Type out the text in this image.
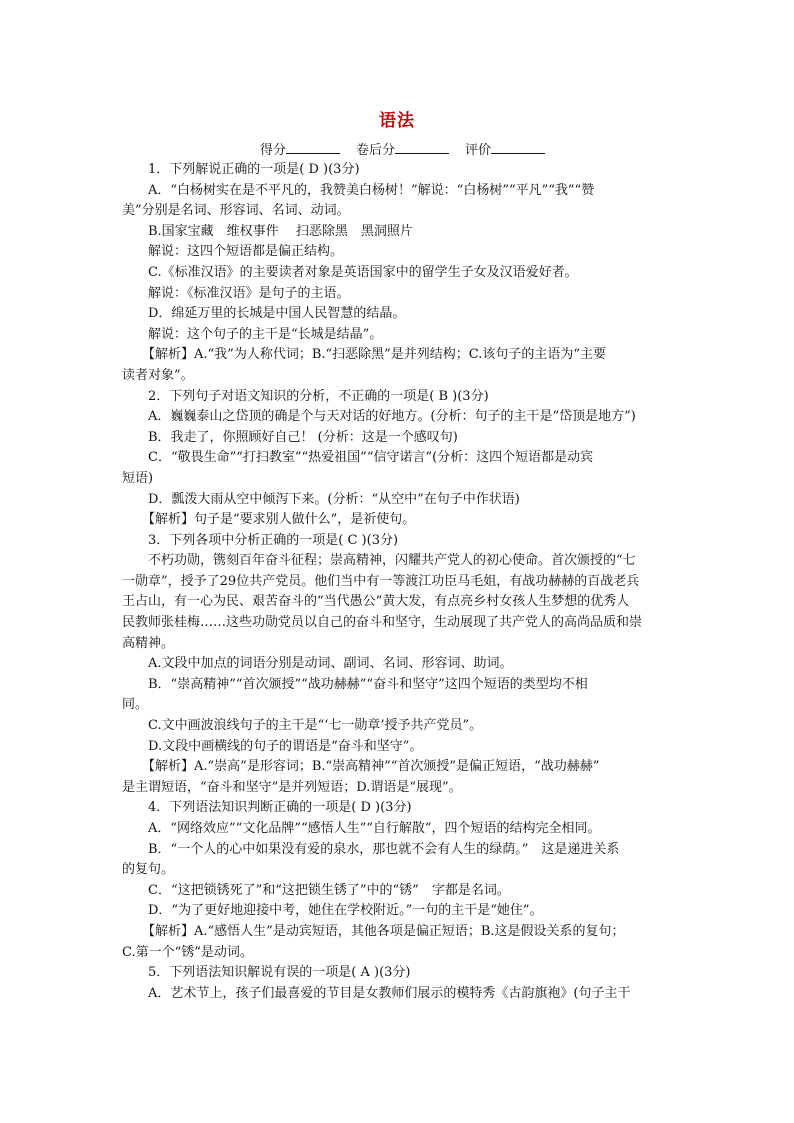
语法
得分	卷后分	评价
1．下列解说正确的一项是( D )(3分)
A．“白杨树实在是不平凡的，我赞美白杨树！”解说：“白杨树”“平凡”“我”“赞
美”分别是名词、形容词、名词、动词。
B.国家宝藏　维权事件　 扫恶除黑　黑洞照片
解说：这四个短语都是偏正结构。
C.《标准汉语》的主要读者对象是英语国家中的留学生子女及汉语爱好者。
解说：《标准汉语》是句子的主语。
D．绵延万里的长城是中国人民智慧的结晶。
解说：这个句子的主干是“长城是结晶”。
【解析】A.“我”为人称代词；B.“扫恶除黑”是并列结构；C.该句子的主语为“主要
读者对象”。
2．下列句子对语文知识的分析，不正确的一项是( B )(3分)
A．巍巍泰山之岱顶的确是个与天对话的好地方。(分析：句子的主干是“岱顶是地方”)
B．我走了，你照顾好自己！ (分析：这是一个感叹句)
C．“敬畏生命”“打扫教室”“热爱祖国”“信守诺言”(分析：这四个短语都是动宾
短语)
D．瓢泼大雨从空中倾泻下来。(分析：“从空中”在句子中作状语)
【解析】句子是“要求别人做什么”，是祈使句。
3．下列各项中分析正确的一项是( C )(3分)
不朽功勋，镌刻百年奋斗征程；崇高精神，闪耀共产党人的初心使命。首次颁授的“七
一勋章”，授予了29位共产党员。他们当中有一等渡江功臣马毛姐，有战功赫赫的百战老兵
王占山，有一心为民、艰苦奋斗的“当代愚公”黄大发，有点亮乡村女孩人生梦想的优秀人
民教师张桂梅……这些功勋党员以自己的奋斗和坚守，生动展现了共产党人的高尚品质和崇
高精神。
A.文段中加点的词语分别是动词、副词、名词、形容词、助词。
B．“崇高精神”“首次颁授”“战功赫赫”“奋斗和坚守”这四个短语的类型均不相
同。
C.文中画波浪线句子的主干是“‘七一勋章’授予共产党员”。
D.文段中画横线的句子的谓语是“奋斗和坚守”。
【解析】A.“崇高”是形容词；B.“崇高精神”“首次颁授”是偏正短语，“战功赫赫”
是主谓短语，“奋斗和坚守”是并列短语；D.谓语是“展现”。
4．下列语法知识判断正确的一项是( D )(3分)
A．“网络效应”“文化品牌”“感悟人生”“自行解散”，四个短语的结构完全相同。
B．“一个人的心中如果没有爱的泉水，那也就不会有人生的绿荫。”　这是递进关系
的复句。
C．“这把锁锈死了”和“这把锁生锈了”中的“锈”　字都是名词。
D．“为了更好地迎接中考，她住在学校附近。”一句的主干是“她住”。
【解析】A.“感悟人生”是动宾短语，其他各项是偏正短语；B.这是假设关系的复句；
C.第一个“锈”是动词。
5．下列语法知识解说有误的一项是( A )(3分)
A．艺术节上，孩子们最喜爱的节目是女教师们展示的模特秀《古韵旗袍》(句子主干
